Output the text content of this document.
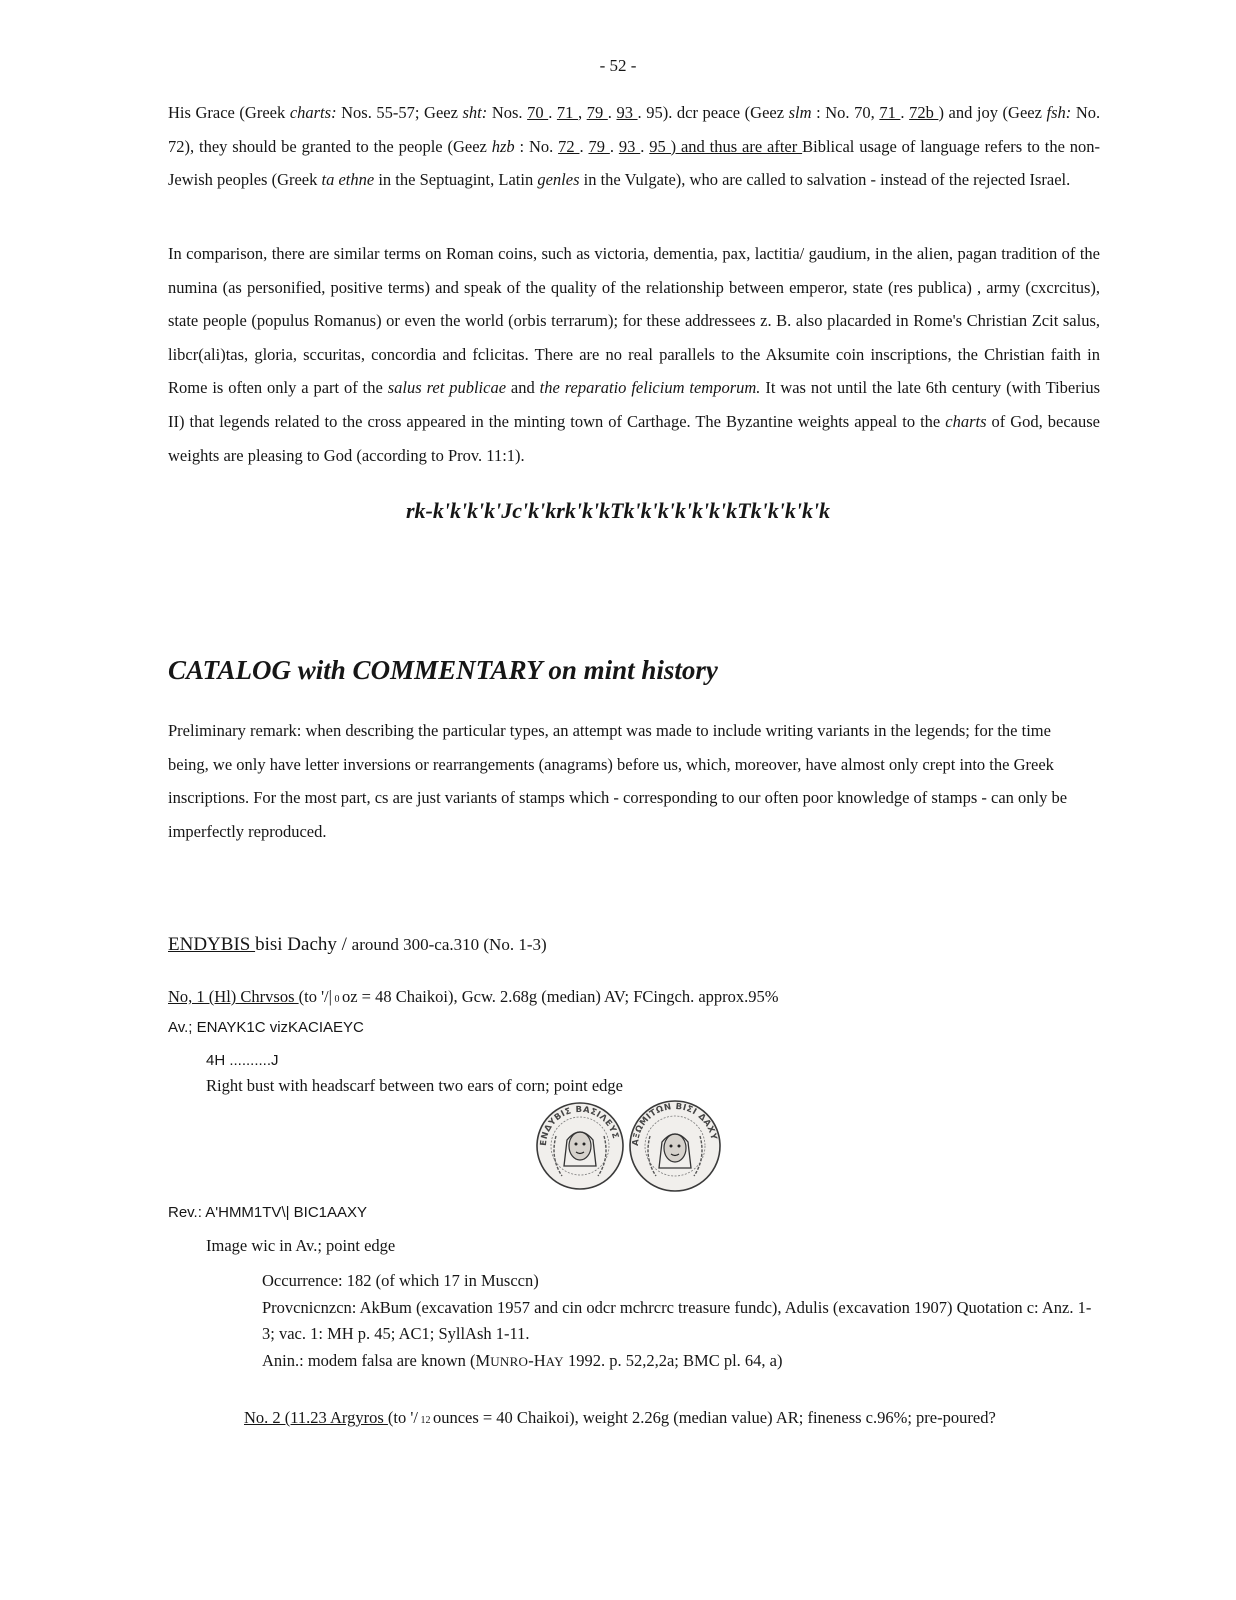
- 52 -

His Grace (Greek charts: Nos. 55-57; Geez sht: Nos. 70 . 71 , 79 . 93 . 95). dcr peace (Geez slm : No. 70, 71 . 72b ) and joy (Geez fsh: No. 72), they should be granted to the people (Geez hzb : No. 72 . 79 . 93 . 95 ) and thus are after Biblical usage of language refers to the non-Jewish peoples (Greek ta ethne in the Septuagint, Latin genles in the Vulgate), who are called to salvation - instead of the rejected Israel.

In comparison, there are similar terms on Roman coins, such as victoria, dementia, pax, lactitia/ gaudium, in the alien, pagan tradition of the numina (as personified, positive terms) and speak of the quality of the relationship between emperor, state (res publica) , army (cxcrcitus), state people (populus Romanus) or even the world (orbis terrarum); for these addressees z. B. also placarded in Rome's Christian Zcit salus, libcr(ali)tas, gloria, sccuritas, concordia and fclicitas. There are no real parallels to the Aksumite coin inscriptions, the Christian faith in Rome is often only a part of the salus ret publicae and the reparatio felicium temporum. It was not until the late 6th century (with Tiberius II) that legends related to the cross appeared in the minting town of Carthage. The Byzantine weights appeal to the charts of God, because weights are pleasing to God (according to Prov. 11:1).

rk-k'k'k'k'Jc'k'krk'k'kTk'k'k'k'k'k'kTk'k'k'k'k
CATALOG with COMMENTARY on mint history

Preliminary remark: when describing the particular types, an attempt was made to include writing variants in the legends; for the time being, we only have letter inversions or rearrangements (anagrams) before us, which, moreover, have almost only crept into the Greek inscriptions. For the most part, cs are just variants of stamps which - corresponding to our often poor knowledge of stamps - can only be imperfectly reproduced.

ENDYBIS bisi Dachy / around 300-ca.310 (No. 1-3)
No, 1 (Hl) Chrvsos (to '/| 0 oz = 48 Chaikoi), Gcw. 2.68g (median) AV; FCingch. approx.95%
Av.; ENAYK1C vizKACIAEYC
4H ..........J
Right bust with headscarf between two ears of corn; point edge
ΕΝΔΥΒΙΣ ΒΑΣΙΛΕΥΣ
ΑΞΩΜΙΤΩΝ ΒΙΣΙ ΔΑΧΥ
Rev.: A'HMM1TV\| BIC1AAXY
Image wic in Av.; point edge
Occurrence: 182 (of which 17 in Musccn)
Provcnicnzcn: AkBum (excavation 1957 and cin odcr mchrcrc treasure fundc), Adulis (excavation 1907) Quotation c: Anz. 1-3; vac. 1: MH p. 45; AC1; SyllAsh 1-11.
Anin.: modem falsa are known (MUNRO-HAY 1992. p. 52,2,2a; BMC pl. 64, a)
No. 2 (11.23 Argyros (to '/ 12 ounces = 40 Chaikoi), weight 2.26g (median value) AR; fineness c.96%; pre-poured?
